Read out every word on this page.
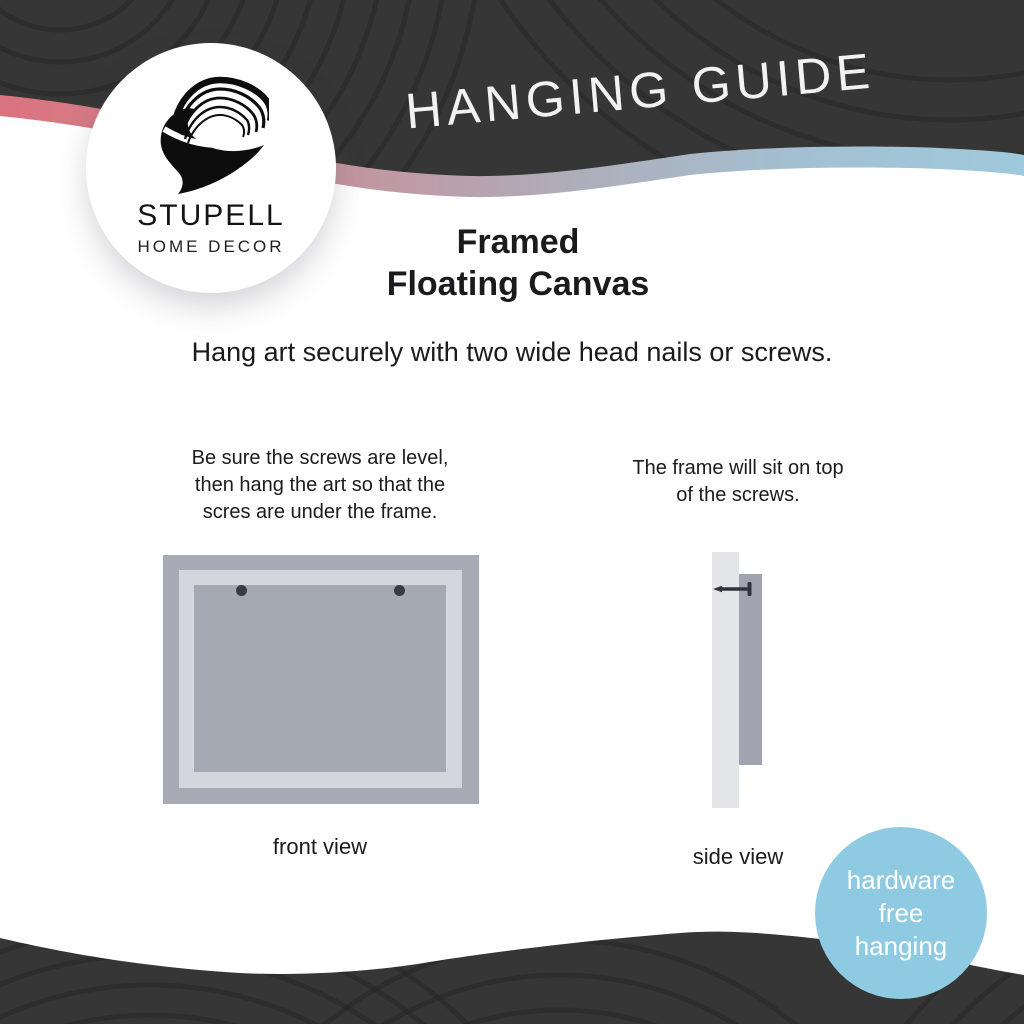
HANGING GUIDE
STUPELL
HOME DECOR	Framed
Floating Canvas
Hang art securely with two wide head nails or screws.
Be sure the screws are level,
then hang the art so that the
scres are under the frame.
The frame will sit on top
of the screws.
front view	side view
hardware
free
hanging
